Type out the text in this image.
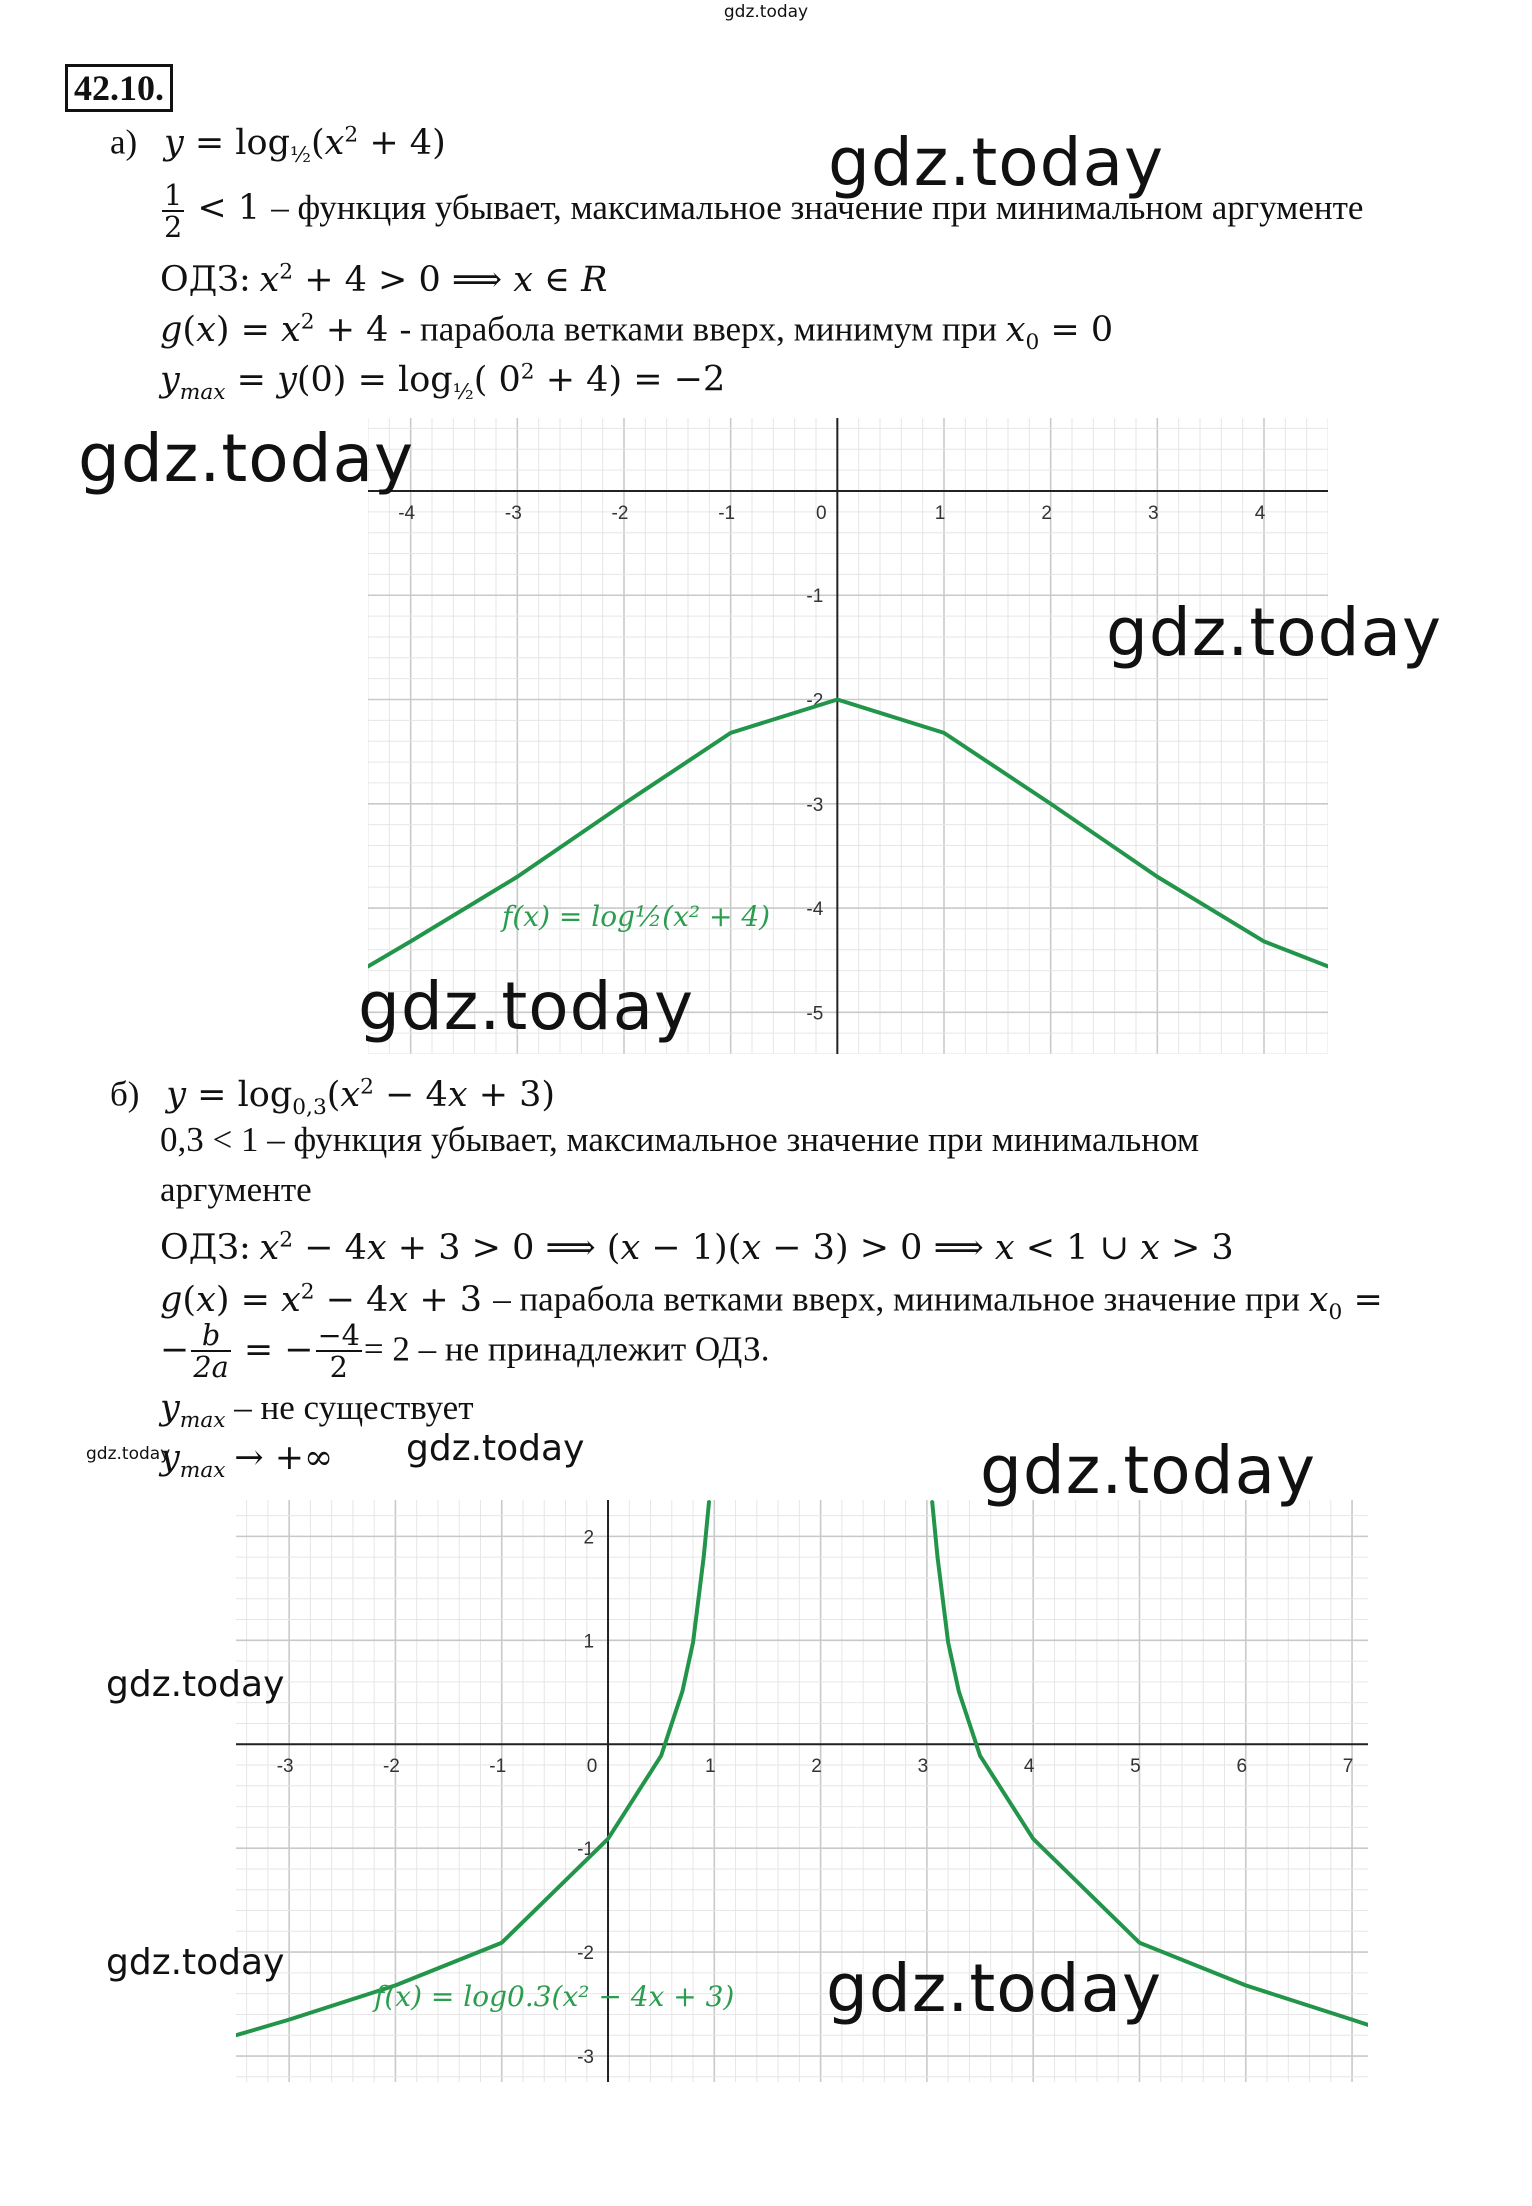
gdz.today
42.10.
а) $y = \log_{\frac{1}{2}}(x^2 + 4)$
$\frac{1}{2} < 1$ – функция убывает, максимальное значение при минимальном аргументе
ОДЗ: $x^2 + 4 > 0$ ⟹ x ∈ R
$g(x) = x^2 + 4$ - парабола ветками вверх, минимум при $x_0 = 0$
$y_{max} = y(0) = \log_{\frac{1}{2}}$( $0^2 + 4) = -2$
-4	-3	-2	-1	0	1	2	3	4
-1
-2
-3
-4
-5
f(x) = log½(x² + 4)
б) $y = \log_{0,3}(x^2 - 4x + 3)$
0,3 < 1 – функция убывает, максимальное значение при минимальном
аргументе
ОДЗ: $x^2 - 4x + 3 > 0$ ⟹ (x − 1)(x − 3) > 0 ⟹ x < 1 ∪ x > 3
$g(x) = x^2 - 4x + 3$ – парабола ветками вверх, минимальное значение при $x_0$ =
− $\frac{b}{2a}$ = − $\frac{-4}{2} = 2$ – не принадлежит ОДЗ.
$y_{max}$ – не существует
$y_{max}$ → +∞
-3	-2	-1	0	1	2	3	4	5	6	7
2
1
-1
-2
-3
f(x) = log0.3(x² − 4x + 3)
gdz.today
gdz.today
gdz.today
gdz.today
gdz.today	gdz.today	gdz.today
gdz.today
gdz.today	gdz.today
